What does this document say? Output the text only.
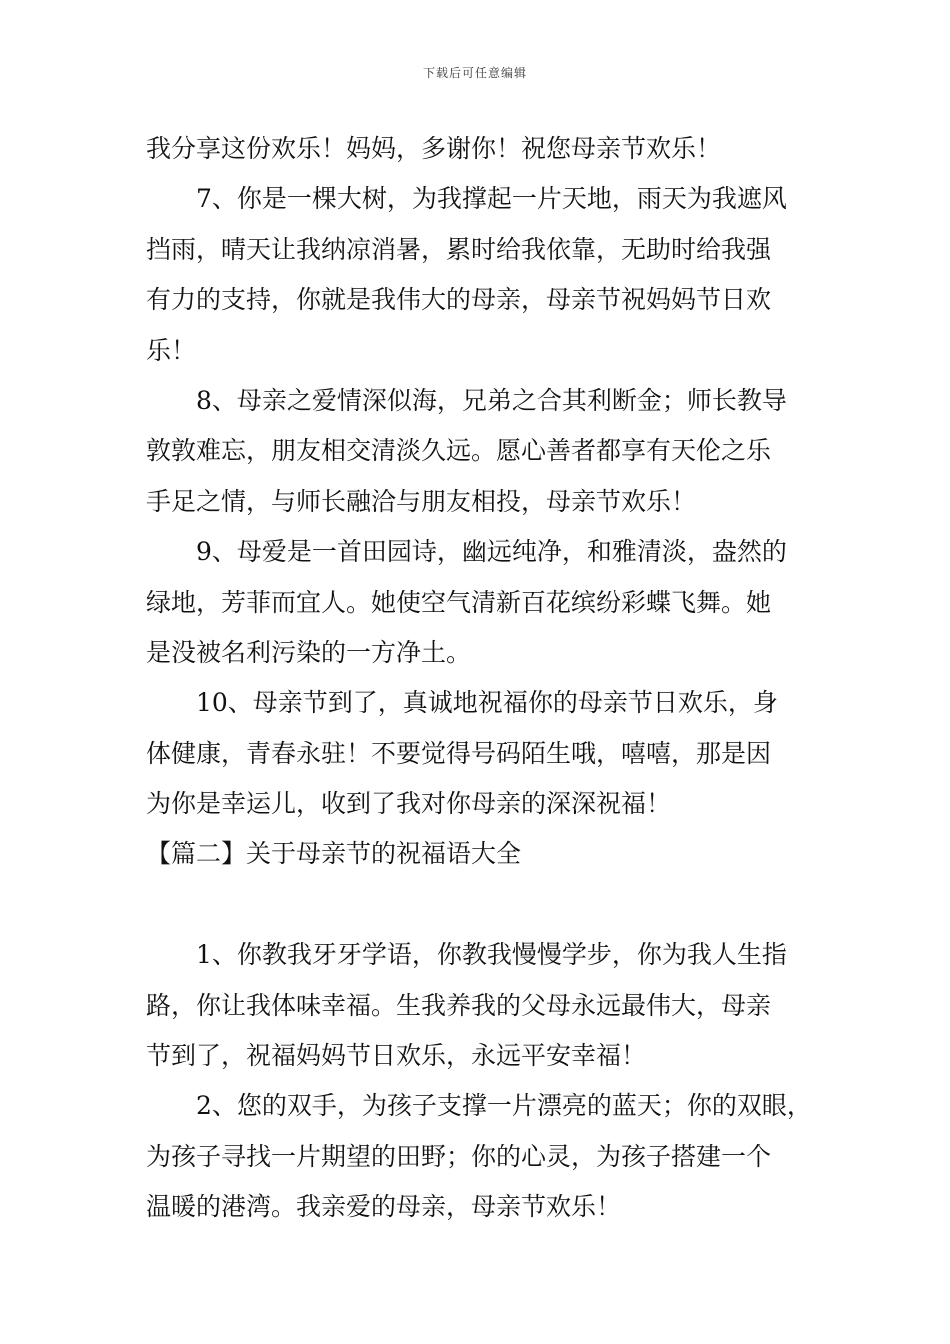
下载后可任意编辑
我分享这份欢乐！妈妈，多谢你！祝您母亲节欢乐！
7、你是一棵大树，为我撑起一片天地，雨天为我遮风
挡雨，晴天让我纳凉消暑，累时给我依靠，无助时给我强
有力的支持，你就是我伟大的母亲，母亲节祝妈妈节日欢
乐！
8、母亲之爱情深似海，兄弟之合其利断金；师长教导
敦敦难忘，朋友相交清淡久远。愿心善者都享有天伦之乐
手足之情，与师长融洽与朋友相投，母亲节欢乐！
9、母爱是一首田园诗，幽远纯净，和雅清淡，盎然的
绿地，芳菲而宜人。她使空气清新百花缤纷彩蝶飞舞。她
是没被名利污染的一方净土。
10、母亲节到了，真诚地祝福你的母亲节日欢乐，身
体健康，青春永驻！不要觉得号码陌生哦，嘻嘻，那是因
为你是幸运儿，收到了我对你母亲的深深祝福！
【篇二】关于母亲节的祝福语大全
1、你教我牙牙学语，你教我慢慢学步，你为我人生指
路，你让我体味幸福。生我养我的父母永远最伟大，母亲
节到了，祝福妈妈节日欢乐，永远平安幸福！
2、您的双手，为孩子支撑一片漂亮的蓝天；你的双眼，
为孩子寻找一片期望的田野；你的心灵，为孩子搭建一个
温暖的港湾。我亲爱的母亲，母亲节欢乐！
